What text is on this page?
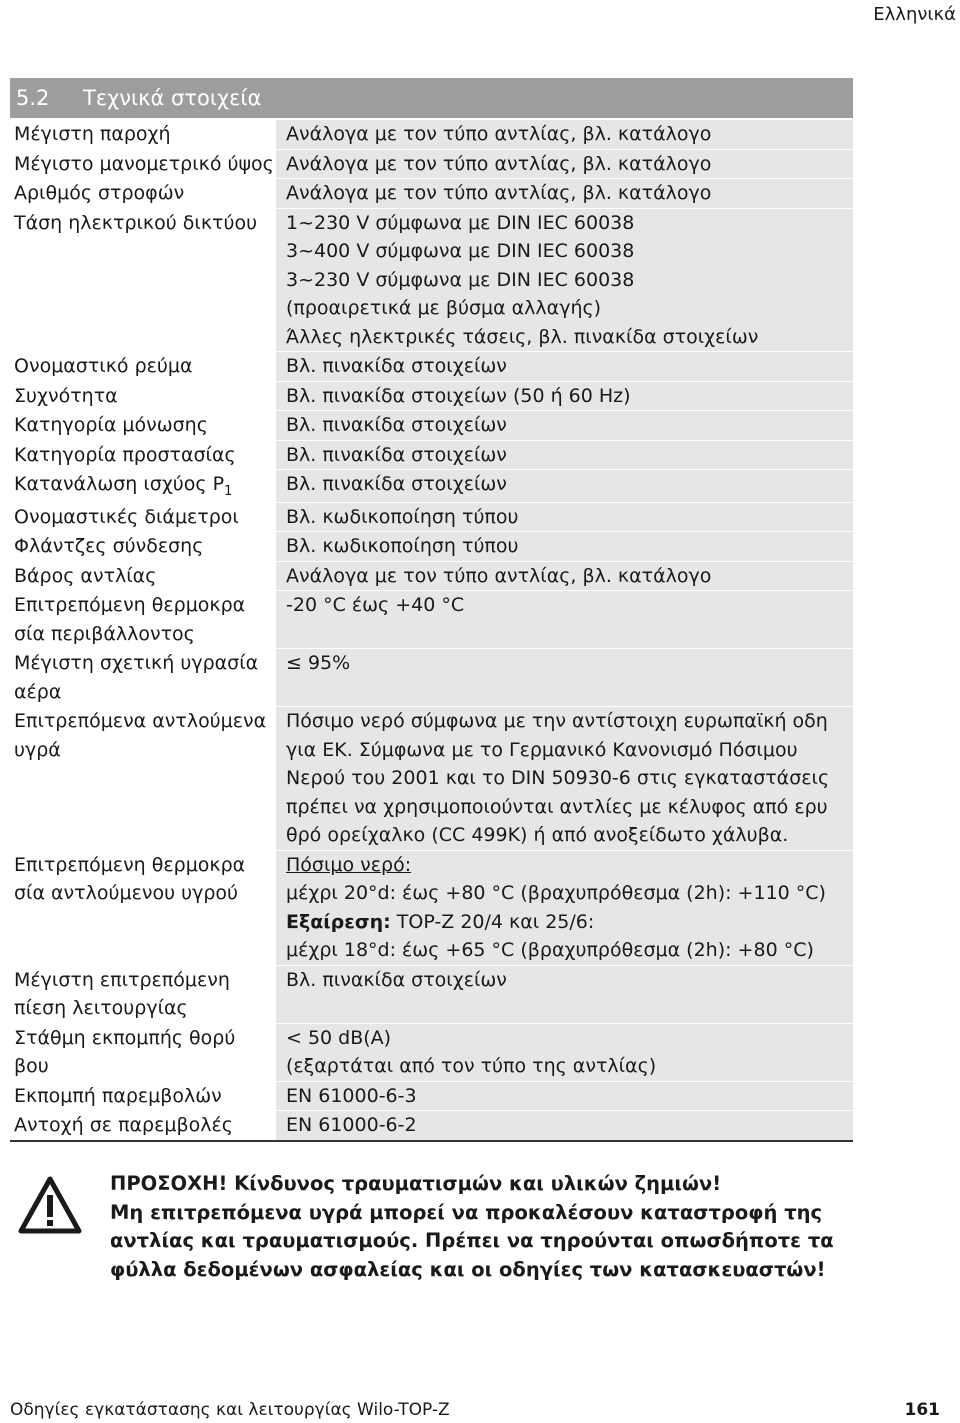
Ελληνικά
5.2	Τεχνικά στοιχεία
Μέγιστη παροχή	Ανάλογα με τον τύπο αντλίας, βλ. κατάλογο

Μέγιστο μανομετρικό ύψος	Ανάλογα με τον τύπο αντλίας, βλ. κατάλογο

Αριθμός στροφών	Ανάλογα με τον τύπο αντλίας, βλ. κατάλογο

Τάση ηλεκτρικού δικτύου	1~230 V σύμφωνα με DIN IEC 60038
3~400 V σύμφωνα με DIN IEC 60038
3~230 V σύμφωνα με DIN IEC 60038
(προαιρετικά με βύσμα αλλαγής)
Άλλες ηλεκτρικές τάσεις, βλ. πινακίδα στοιχείων

Ονομαστικό ρεύμα	Βλ. πινακίδα στοιχείων

Συχνότητα	Βλ. πινακίδα στοιχείων (50 ή 60 Hz)

Κατηγορία μόνωσης	Βλ. πινακίδα στοιχείων

Κατηγορία προστασίας	Βλ. πινακίδα στοιχείων

Κατανάλωση ισχύος $P_1$	Βλ. πινακίδα στοιχείων

Ονομαστικές διάμετροι	Βλ. κωδικοποίηση τύπου

Φλάντζες σύνδεσης	Βλ. κωδικοποίηση τύπου

Βάρος αντλίας	Ανάλογα με τον τύπο αντλίας, βλ. κατάλογο

Επιτρεπόμενη θερμοκρα σία περιβάλλοντος	-20 °C έως +40 °C

Μέγιστη σχετική υγρασία αέρα	≤ 95%

Επιτρεπόμενα αντλούμενα υγρά	Πόσιμο νερό σύμφωνα με την αντίστοιχη ευρωπαϊκή οδη
για ΕΚ. Σύμφωνα με το Γερμανικό Κανονισμό Πόσιμου
Νερού του 2001 και το DIN 50930-6 στις εγκαταστάσεις
πρέπει να χρησιμοποιούνται αντλίες με κέλυφος από ερυ
θρό ορείχαλκο (CC 499K) ή από ανοξείδωτο χάλυβα.

Επιτρεπόμενη θερμοκρα σία αντλούμενου υγρού	Πόσιμο νερό:
μέχρι 20°d: έως +80 °C (βραχυπρόθεσμα (2h): +110 °C)
Εξαίρεση: TOP-Z 20/4 και 25/6:
μέχρι 18°d: έως +65 °C (βραχυπρόθεσμα (2h): +80 °C)

Μέγιστη επιτρεπόμενη πίεση λειτουργίας	Βλ. πινακίδα στοιχείων

Στάθμη εκπομπής θορύ βου	< 50 dB(A)
(εξαρτάται από τον τύπο της αντλίας)

Εκπομπή παρεμβολών	EN 61000-6-3

Αντοχή σε παρεμβολές	EN 61000-6-2
ΠΡΟΣΟΧΗ! Κίνδυνος τραυματισμών και υλικών ζημιών!
Μη επιτρεπόμενα υγρά μπορεί να προκαλέσουν καταστροφή της αντλίας και τραυματισμούς. Πρέπει να τηρούνται οπωσδήποτε τα φύλλα δεδομένων ασφαλείας και οι οδηγίες των κατασκευαστών!
Οδηγίες εγκατάστασης και λειτουργίας Wilo-TOP-Z	161
